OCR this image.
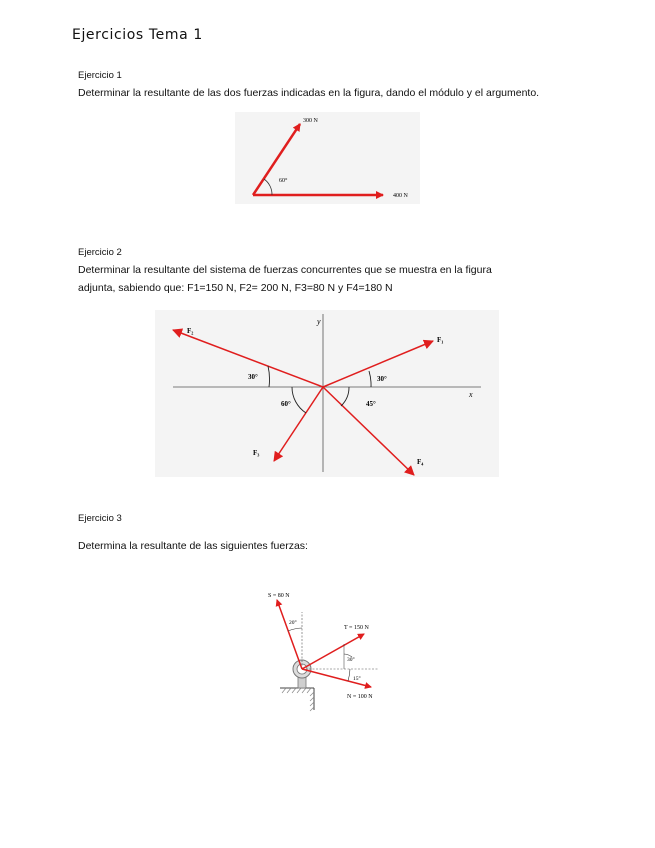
Ejercicios Tema 1
Ejercicio 1
Determinar la resultante de las dos fuerzas indicadas en la figura, dando el módulo y el argumento.
300 N
400 N
60°
Ejercicio 2
Determinar la resultante del sistema de fuerzas concurrentes que se muestra en la figura
adjunta, sabiendo que: F1=150 N, F2= 200 N, F3=80 N y F4=180 N
y
x
F₁
F₂
F₃
F₄
30°	30°
60°	45°
Ejercicio 3
Determina la resultante de las siguientes fuerzas:
S = 80 N
T = 150 N
N = 100 N
20°
30°
15°
